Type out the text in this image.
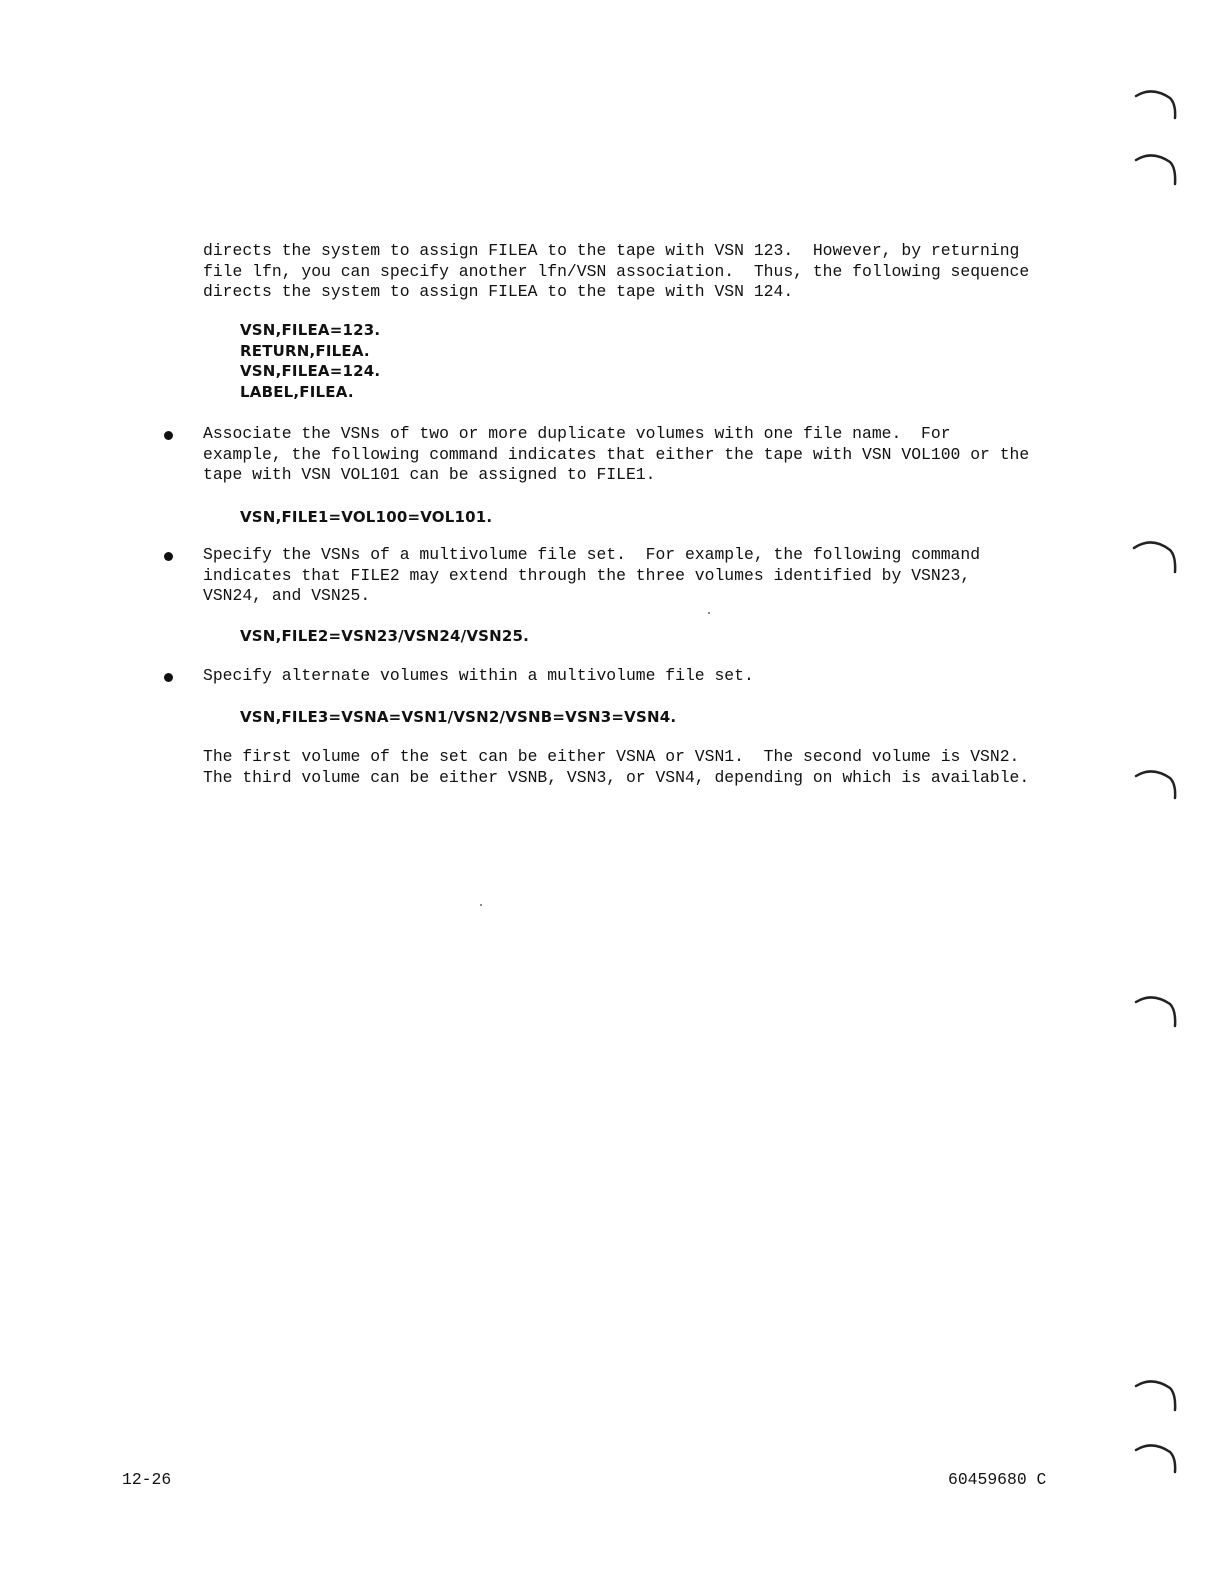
directs the system to assign FILEA to the tape with VSN 123.  However, by returning
file lfn, you can specify another lfn/VSN association.  Thus, the following sequence
directs the system to assign FILEA to the tape with VSN 124.

VSN,FILEA=123.
RETURN,FILEA.
VSN,FILEA=124.
LABEL,FILEA.

Associate the VSNs of two or more duplicate volumes with one file name.  For
example, the following command indicates that either the tape with VSN VOL100 or the
tape with VSN VOL101 can be assigned to FILE1.

VSN,FILE1=VOL100=VOL101.

Specify the VSNs of a multivolume file set.  For example, the following command
indicates that FILE2 may extend through the three volumes identified by VSN23,
VSN24, and VSN25.

VSN,FILE2=VSN23/VSN24/VSN25.

Specify alternate volumes within a multivolume file set.

VSN,FILE3=VSNA=VSN1/VSN2/VSNB=VSN3=VSN4.

The first volume of the set can be either VSNA or VSN1.  The second volume is VSN2.
The third volume can be either VSNB, VSN3, or VSN4, depending on which is available.

12-26	60459680 C
